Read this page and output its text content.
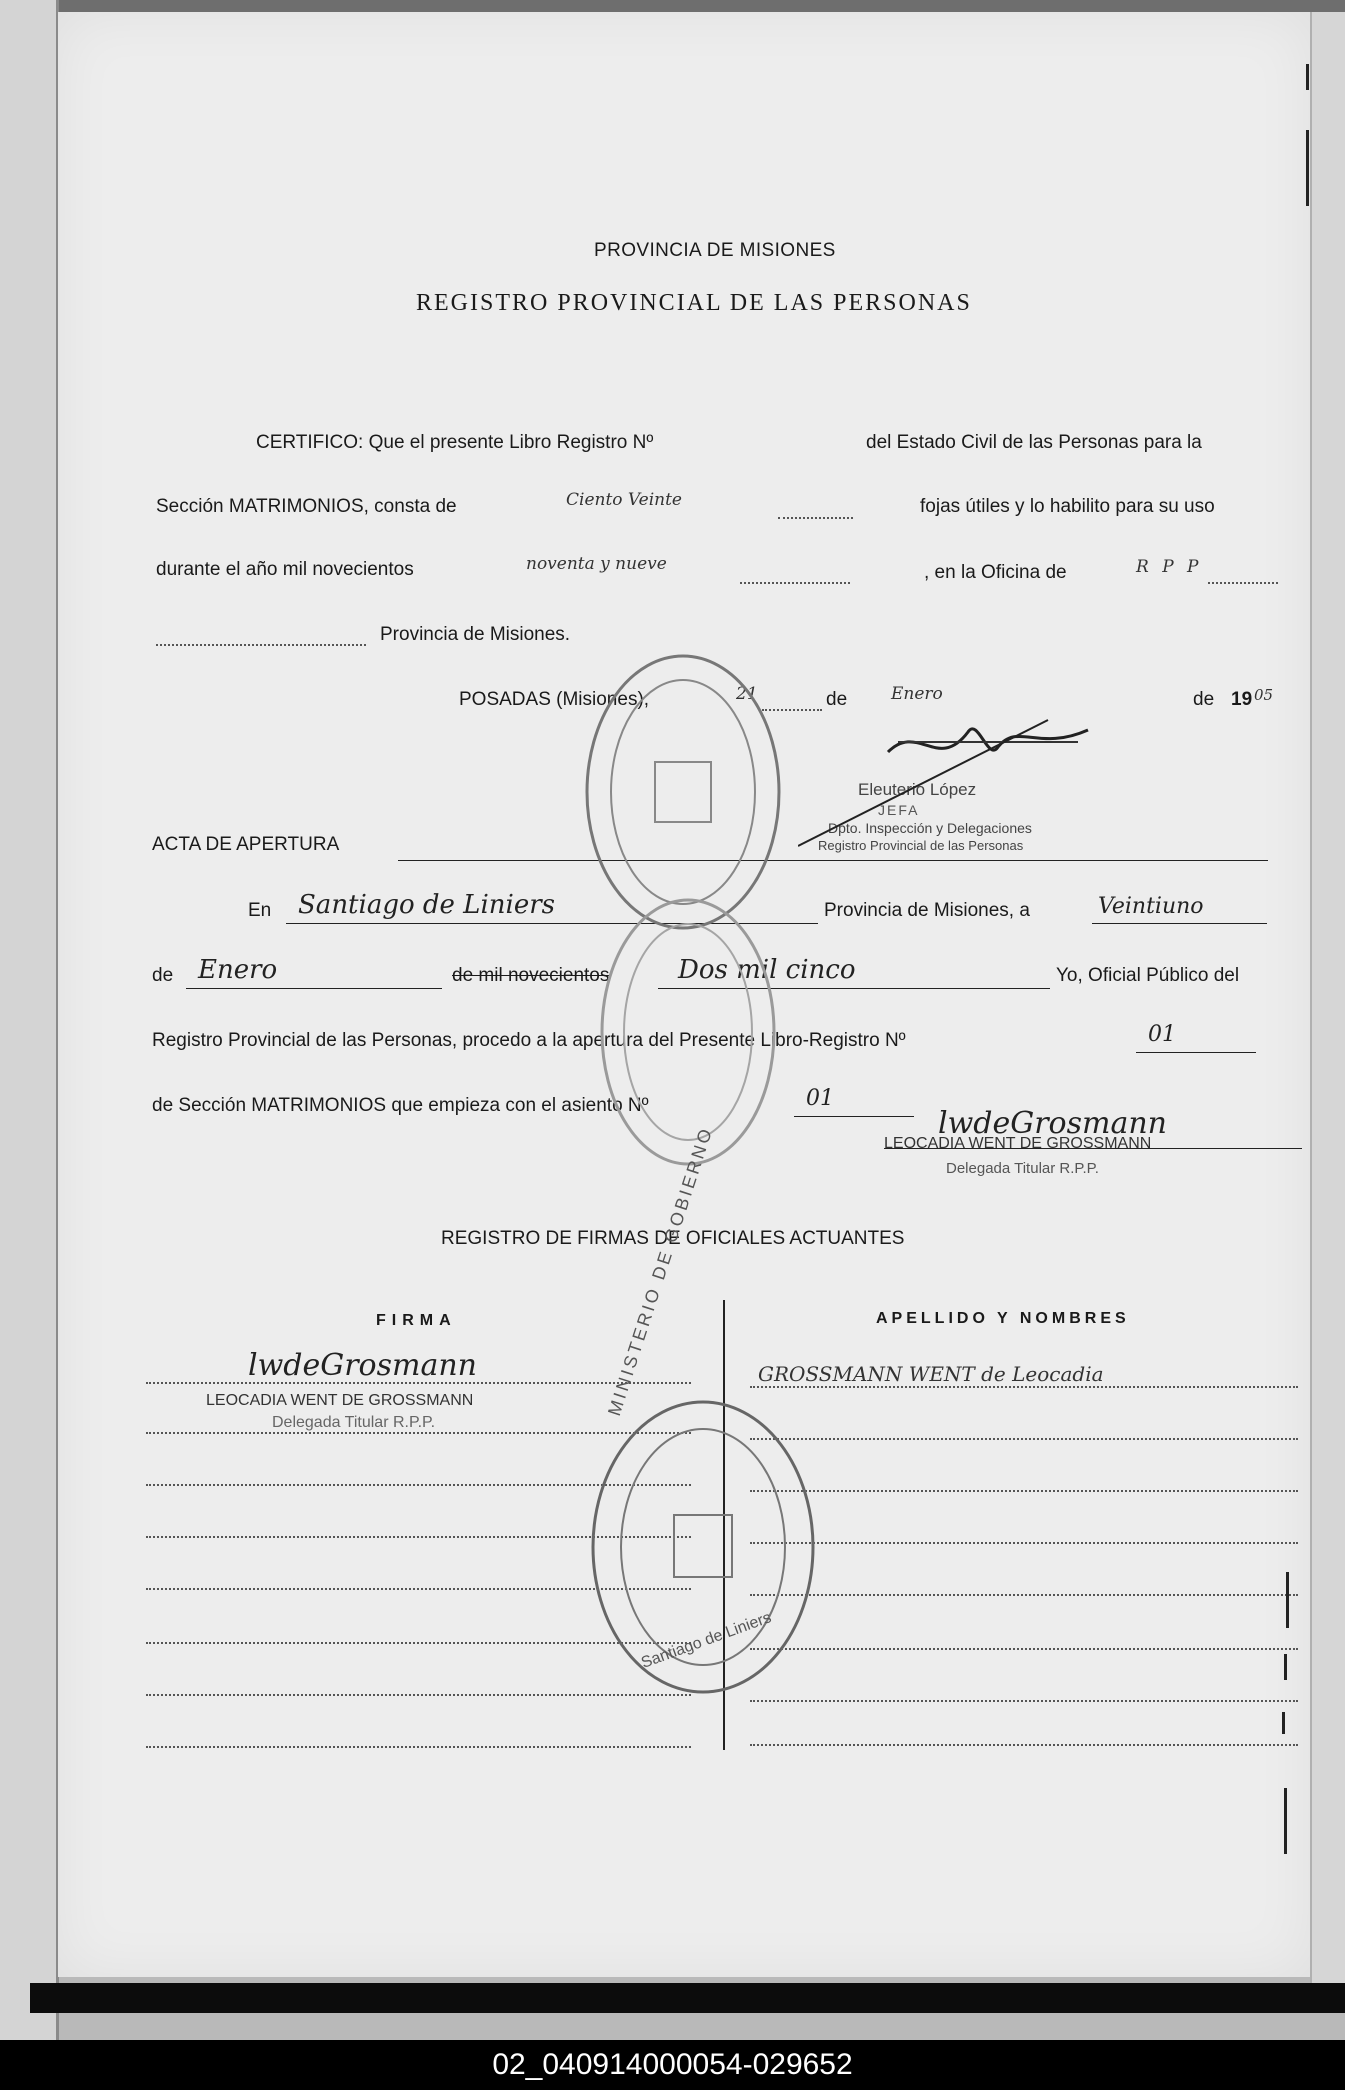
PROVINCIA DE MISIONES
REGISTRO PROVINCIAL DE LAS PERSONAS
CERTIFICO: Que el presente Libro Registro Nº	del Estado Civil de las Personas para la
Sección MATRIMONIOS, consta de	Ciento Veinte	fojas útiles y lo habilito para su uso
durante el año mil novecientos	noventa y nueve	, en la Oficina de	R P P
Provincia de Misiones.
POSADAS (Misiones),	21	de	Enero	de 19 05
Eleuterio López
JEFA
Dpto. Inspección y Delegaciones
Registro Provincial de las Personas
ACTA DE APERTURA
En Santiago de Liniers	Provincia de Misiones, a	Veintiuno
de Enero	de mil novecientos	Dos mil cinco	Yo, Oficial Público del
Registro Provincial de las Personas, procedo a la apertura del Presente Libro-Registro Nº	01
de Sección MATRIMONIOS que empieza con el asiento Nº	01
lwdeGrosmann
LEOCADIA WENT DE GROSSMANN
Delegada Titular R.P.P.
REGISTRO DE FIRMAS DE OFICIALES ACTUANTES
FIRMA	APELLIDO Y NOMBRES
lwdeGrosmann
LEOCADIA WENT DE GROSSMANN
Delegada Titular R.P.P.
GROSSMANN WENT de Leocadia
MINISTERIO DE GOBIERNO
Santiago de Liniers
02_040914000054-029652
